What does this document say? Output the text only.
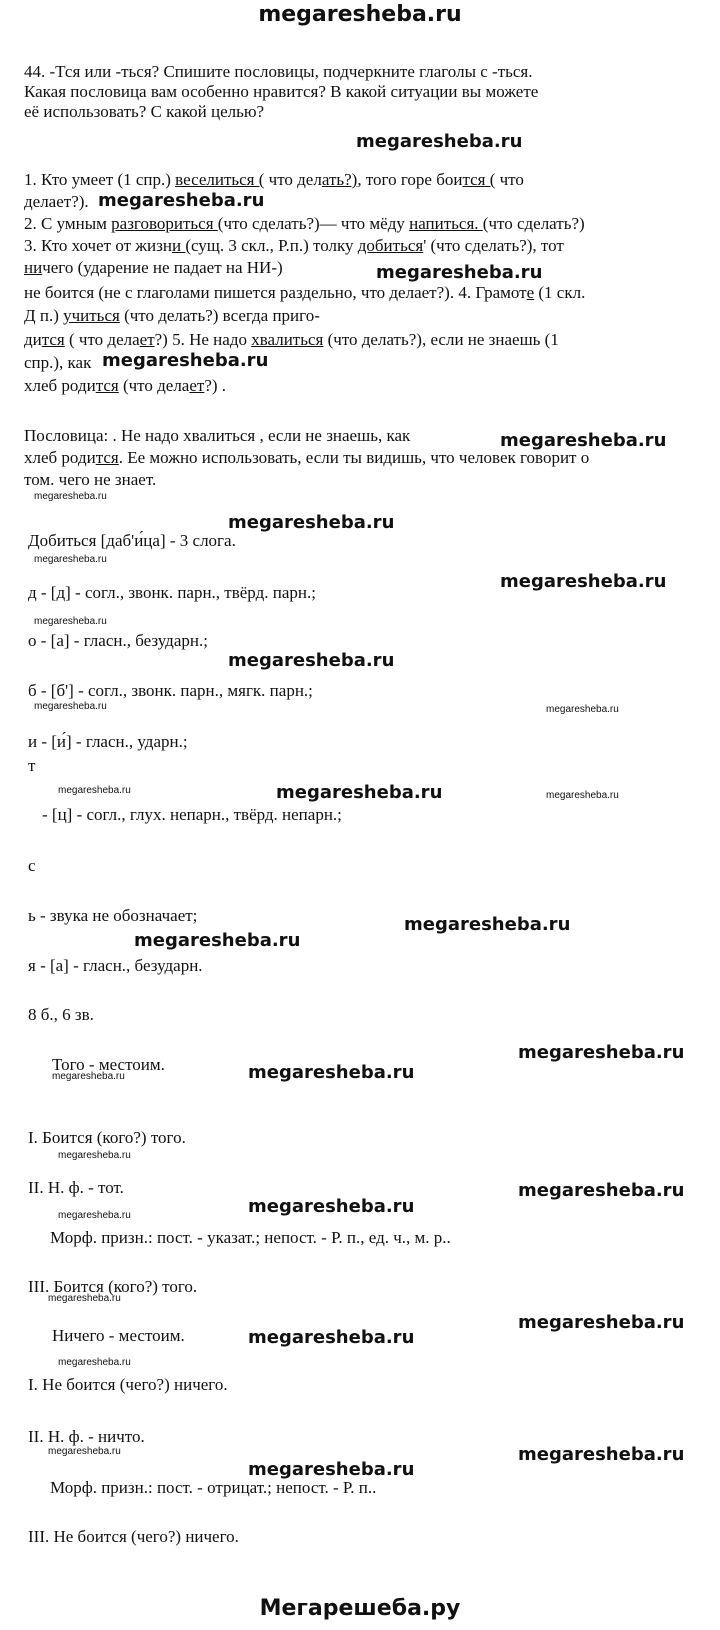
megaresheba.ru
44. -Тся или -ться? Спишите пословицы, подчеркните глаголы с -ться.
Какая пословица вам особенно нравится? В какой ситуации вы можете
её использовать? С какой целью?
megaresheba.ru
1. Кто умеет (1 спр.) веселиться ( что делать?), того горе боится ( что
делает?). megaresheba.ru
2. С умным разговориться (что сделать?)— что мёду напиться. (что сделать?)
3. Кто хочет от жизни (сущ. 3 скл., Р.п.) толку добиться' (что сделать?), тот
ничего (ударение не падает на НИ-)	megaresheba.ru
не боится (не с глаголами пишется раздельно, что делает?). 4. Грамоте (1 скл.
Д п.) учиться (что делать?) всегда приго-
дится ( что делает?) 5. Не надо хвалиться (что делать?), если не знаешь (1
спр.), как megaresheba.ru
хлеб родится (что делает?) .
Пословица: . Не надо хвалиться , если не знаешь, как	megaresheba.ru
хлеб родится. Ее можно использовать, если ты видишь, что человек говорит о
том. чего не знает.
megaresheba.ru
megaresheba.ru
Добиться [даб'и́ца] - 3 слога.
megaresheba.ru
megaresheba.ru
д - [д] - согл., звонк. парн., твёрд. парн.;
megaresheba.ru
о - [а] - гласн., безударн.;
megaresheba.ru
б - [б'] - согл., звонк. парн., мягк. парн.;
megaresheba.ru	megaresheba.ru
и - [и́] - гласн., ударн.;
т
megaresheba.ru	megaresheba.ru	megaresheba.ru
- [ц] - согл., глух. непарн., твёрд. непарн.;
с
ь - звука не обозначает;	megaresheba.ru
megaresheba.ru
я - [а] - гласн., безударн.
8 б., 6 зв.
megaresheba.ru
Того - местоим.
megaresheba.ru	megaresheba.ru
I. Боится (кого?) того.
megaresheba.ru
II. Н. ф. - тот.	megaresheba.ru
megaresheba.ru	megaresheba.ru
Морф. призн.: пост. - указат.; непост. - Р. п., ед. ч., м. р..
III. Боится (кого?) того.
megaresheba.ru
megaresheba.ru
Ничего - местоим.	megaresheba.ru
megaresheba.ru
I. Не боится (чего?) ничего.
II. Н. ф. - ничто.
megaresheba.ru	megaresheba.ru
megaresheba.ru
Морф. призн.: пост. - отрицат.; непост. - Р. п..
III. Не боится (чего?) ничего.
Мегарешеба.ру
